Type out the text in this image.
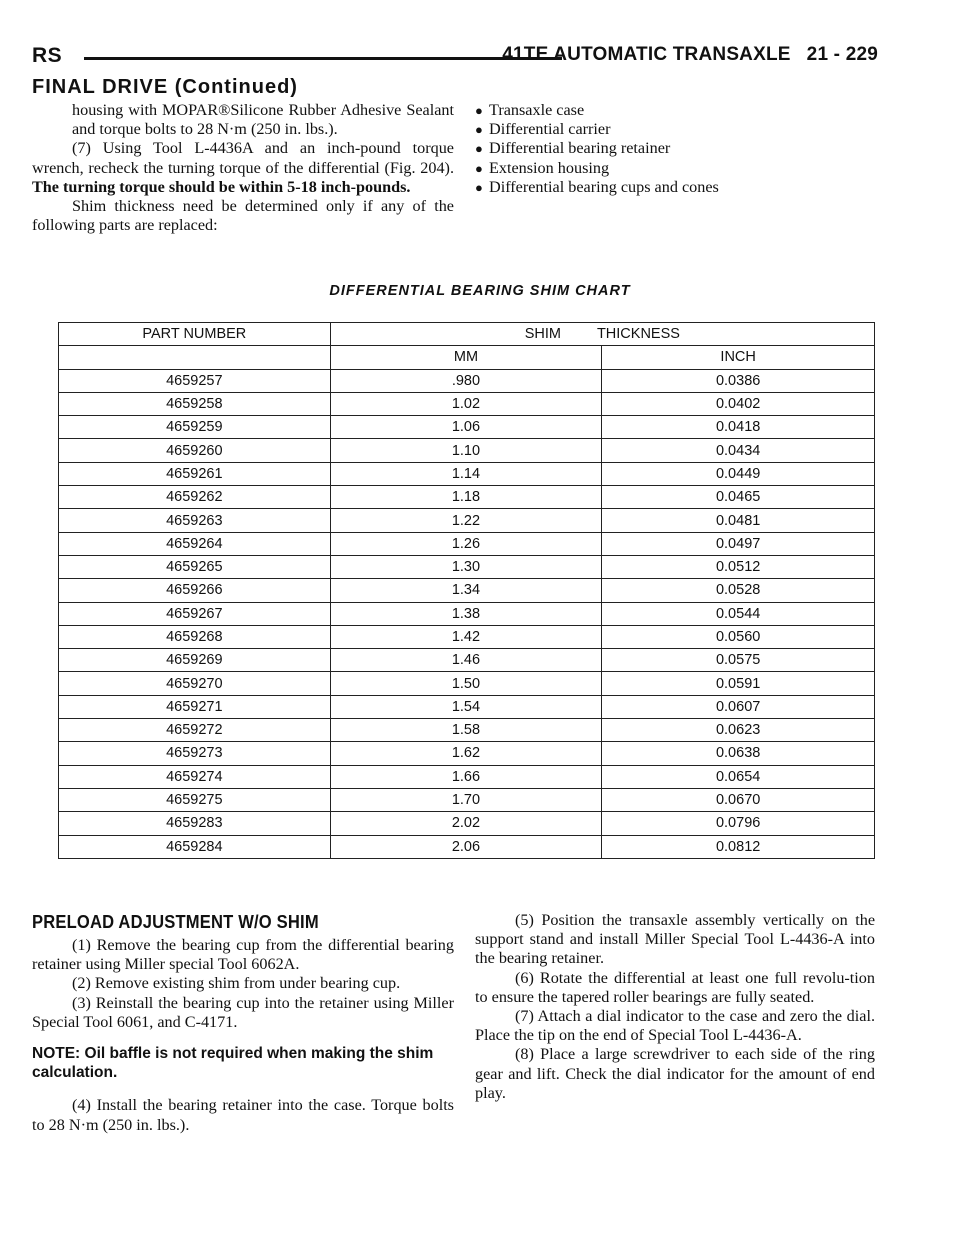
RS	41TE AUTOMATIC TRANSAXLE 21 - 229
FINAL DRIVE (Continued)

housing with MOPAR®Silicone Rubber Adhesive Sealant and torque bolts to 28 N·m (250 in. lbs.).

(7) Using Tool L-4436A and an inch-pound torque wrench, recheck the turning torque of the differential (Fig. 204). The turning torque should be within 5-18 inch-pounds.

Shim thickness need be determined only if any of the following parts are replaced:

● Transaxle case
● Differential carrier
● Differential bearing retainer
● Extension housing
● Differential bearing cups and cones
DIFFERENTIAL BEARING SHIM CHART
PART NUMBER	SHIM THICKNESS	
	MM	INCH
4659257	.980	0.0386
4659258	1.02	0.0402
4659259	1.06	0.0418
4659260	1.10	0.0434
4659261	1.14	0.0449
4659262	1.18	0.0465
4659263	1.22	0.0481
4659264	1.26	0.0497
4659265	1.30	0.0512
4659266	1.34	0.0528
4659267	1.38	0.0544
4659268	1.42	0.0560
4659269	1.46	0.0575
4659270	1.50	0.0591
4659271	1.54	0.0607
4659272	1.58	0.0623
4659273	1.62	0.0638
4659274	1.66	0.0654
4659275	1.70	0.0670
4659283	2.02	0.0796
4659284	2.06	0.0812
PRELOAD ADJUSTMENT W/O SHIM

(1) Remove the bearing cup from the differential bearing retainer using Miller special Tool 6062A.

(2) Remove existing shim from under bearing cup.

(3) Reinstall the bearing cup into the retainer using Miller Special Tool 6061, and C-4171.

NOTE: Oil baffle is not required when making the shim calculation.

(4) Install the bearing retainer into the case. Torque bolts to 28 N·m (250 in. lbs.).

(5) Position the transaxle assembly vertically on the support stand and install Miller Special Tool L-4436-A into the bearing retainer.

(6) Rotate the differential at least one full revolu-tion to ensure the tapered roller bearings are fully seated.

(7) Attach a dial indicator to the case and zero the dial. Place the tip on the end of Special Tool L-4436-A.

(8) Place a large screwdriver to each side of the ring gear and lift. Check the dial indicator for the amount of end play.
